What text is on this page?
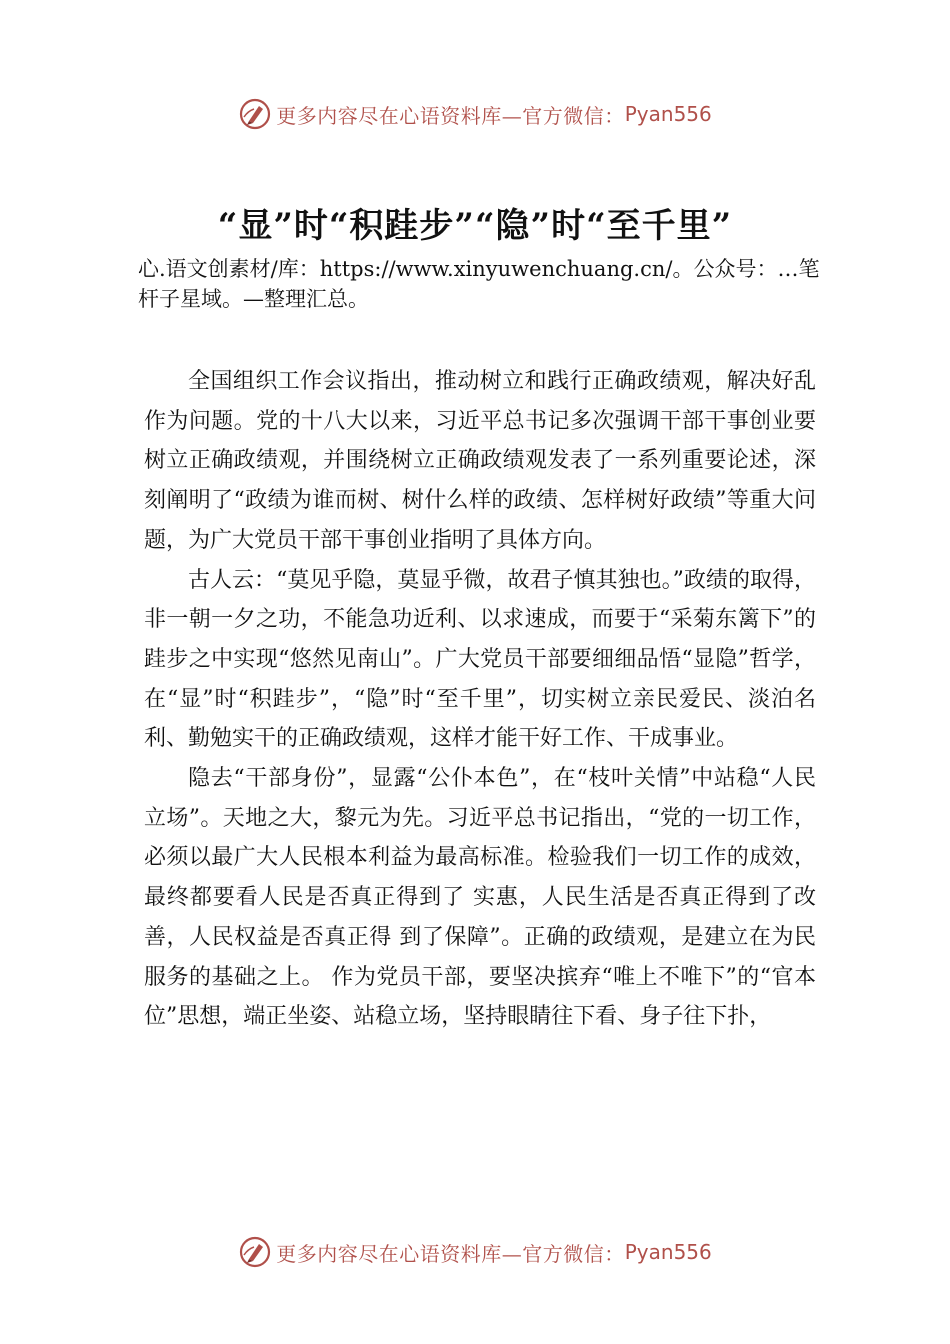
更多内容尽在心语资料库—官方微信： Pyan556
“显”时“积跬步”“隐”时“至千里”
心.语文创素材/库：https://www.xinyuwenchuang.cn/。公众号：…笔杆子星域。—整理汇总。

全国组织工作会议指出，推动树立和践行正确政绩观，解决好乱作为问题。党的十八大以来，习近平总书记多次强调干部干事创业要树立正确政绩观，并围绕树立正确政绩观发表了一系列重要论述，深刻阐明了“政绩为谁而树、树什么样的政绩、怎样树好政绩”等重大问题，为广大党员干部干事创业指明了具体方向。

古人云：“莫见乎隐，莫显乎微，故君子慎其独也。”政绩的取得，非一朝一夕之功，不能急功近利、以求速成，而要于“采菊东篱下”的跬步之中实现“悠然见南山”。广大党员干部要细细品悟“显隐”哲学，在“显”时“积跬步”，“隐”时“至千里”，切实树立亲民爱民、淡泊名利、勤勉实干的正确政绩观，这样才能干好工作、干成事业。

隐去“干部身份”，显露“公仆本色”，在“枝叶关情”中站稳“人民立场”。天地之大，黎元为先。习近平总书记指出，“党的一切工作，必须以最广大人民根本利益为最高标准。检验我们一切工作的成效，最终都要看人民是否真正得到了 实惠，人民生活是否真正得到了改善，人民权益是否真正得 到了保障”。正确的政绩观，是建立在为民服务的基础之上。 作为党员干部，要坚决摈弃“唯上不唯下”的“官本位”思想，端正坐姿、站稳立场，坚持眼睛往下看、身子往下扑，

更多内容尽在心语资料库—官方微信： Pyan556
